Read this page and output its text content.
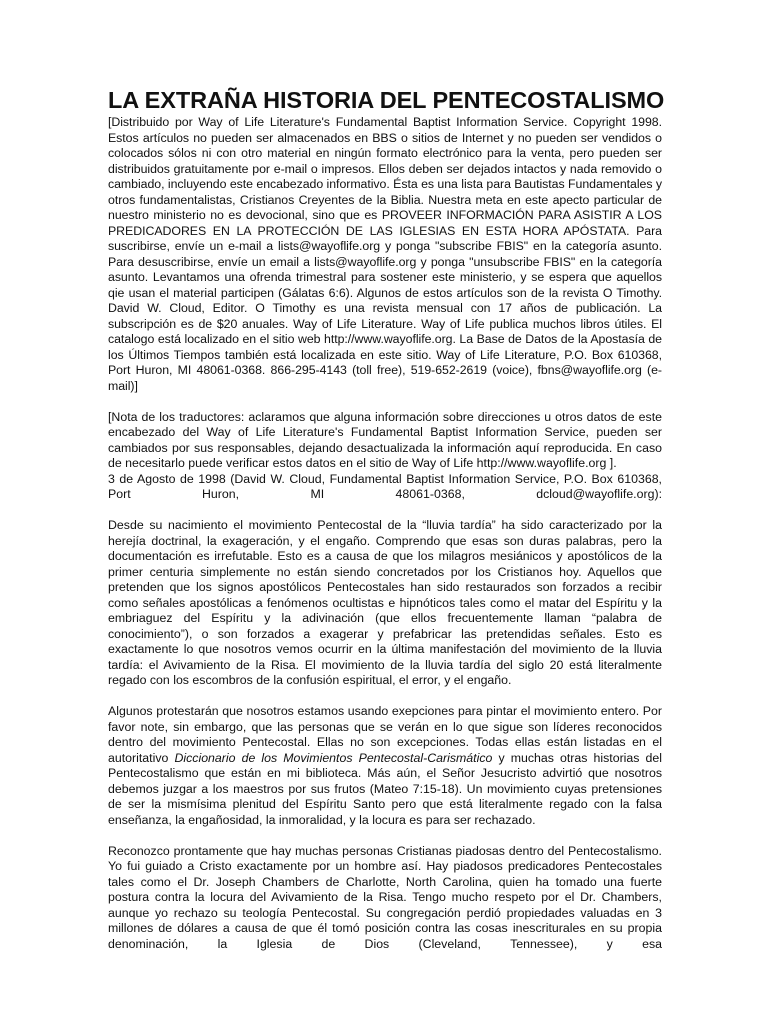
LA EXTRAÑA HISTORIA DEL PENTECOSTALISMO

[Distribuido por Way of Life Literature's Fundamental Baptist Information Service. Copyright 1998. Estos artículos no pueden ser almacenados en BBS o sitios de Internet y no pueden ser vendidos o colocados sólos ni con otro material en ningún formato electrónico para la venta, pero pueden ser distribuidos gratuitamente por e-mail o impresos. Ellos deben ser dejados intactos y nada removido o cambiado, incluyendo este encabezado informativo. Ésta es una lista para Bautistas Fundamentales y otros fundamentalistas, Cristianos Creyentes de la Biblia. Nuestra meta en este apecto particular de nuestro ministerio no es devocional, sino que es PROVEER INFORMACIÓN PARA ASISTIR A LOS PREDICADORES EN LA PROTECCIÓN DE LAS IGLESIAS EN ESTA HORA APÓSTATA. Para suscribirse, envíe un e-mail a lists@wayoflife.org y ponga "subscribe FBIS" en la categoría asunto. Para desuscribirse, envíe un email a lists@wayoflife.org y ponga "unsubscribe FBIS" en la categoría asunto. Levantamos una ofrenda trimestral para sostener este ministerio, y se espera que aquellos qie usan el material participen (Gálatas 6:6). Algunos de estos artículos son de la revista O Timothy. David W. Cloud, Editor. O Timothy es una revista mensual con 17 años de publicación. La subscripción es de $20 anuales. Way of Life Literature. Way of Life publica muchos libros útiles. El catalogo está localizado en el sitio web http://www.wayoflife.org. La Base de Datos de la Apostasía de los Últimos Tiempos también está localizada en este sitio. Way of Life Literature, P.O. Box 610368, Port Huron, MI 48061-0368. 866-295-4143 (toll free), 519-652-2619 (voice), fbns@wayoflife.org (e-mail)]

[Nota de los traductores: aclaramos que alguna información sobre direcciones u otros datos de este encabezado del Way of Life Literature's Fundamental Baptist Information Service, pueden ser cambiados por sus responsables, dejando desactualizada la información aquí reproducida. En caso de necesitarlo puede verificar estos datos en el sitio de Way of Life http://www.wayoflife.org ].

3 de Agosto de 1998 (David W. Cloud, Fundamental Baptist Information Service, P.O. Box 610368, Port Huron, MI 48061-0368, dcloud@wayoflife.org):

Desde su nacimiento el movimiento Pentecostal de la “lluvia tardía” ha sido caracterizado por la herejía doctrinal, la exageración, y el engaño. Comprendo que esas son duras palabras, pero la documentación es irrefutable. Esto es a causa de que los milagros mesiánicos y apostólicos de la primer centuria simplemente no están siendo concretados por los Cristianos hoy. Aquellos que pretenden que los signos apostólicos Pentecostales han sido restaurados son forzados a recibir como señales apostólicas a fenómenos ocultistas e hipnóticos tales como el matar del Espíritu y la embriaguez del Espíritu y la adivinación (que ellos frecuentemente llaman “palabra de conocimiento”), o son forzados a exagerar y prefabricar las pretendidas señales. Esto es exactamente lo que nosotros vemos ocurrir en la última manifestación del movimiento de la lluvia tardía: el Avivamiento de la Risa. El movimiento de la lluvia tardía del siglo 20 está literalmente regado con los escombros de la confusión espiritual, el error, y el engaño.

Algunos protestarán que nosotros estamos usando exepciones para pintar el movimiento entero. Por favor note, sin embargo, que las personas que se verán en lo que sigue son líderes reconocidos dentro del movimiento Pentecostal. Ellas no son excepciones. Todas ellas están listadas en el autoritativo Diccionario de los Movimientos Pentecostal-Carismático y muchas otras historias del Pentecostalismo que están en mi biblioteca. Más aún, el Señor Jesucristo advirtió que nosotros debemos juzgar a los maestros por sus frutos (Mateo 7:15-18). Un movimiento cuyas pretensiones de ser la mismísima plenitud del Espíritu Santo pero que está literalmente regado con la falsa enseñanza, la engañosidad, la inmoralidad, y la locura es para ser rechazado.

Reconozco prontamente que hay muchas personas Cristianas piadosas dentro del Pentecostalismo. Yo fui guiado a Cristo exactamente por un hombre así. Hay piadosos predicadores Pentecostales tales como el Dr. Joseph Chambers de Charlotte, North Carolina, quien ha tomado una fuerte postura contra la locura del Avivamiento de la Risa. Tengo mucho respeto por el Dr. Chambers, aunque yo rechazo su teología Pentecostal. Su congregación perdió propiedades valuadas en 3 millones de dólares a causa de que él tomó posición contra las cosas inescriturales en su propia denominación, la Iglesia de Dios (Cleveland, Tennessee), y esa
